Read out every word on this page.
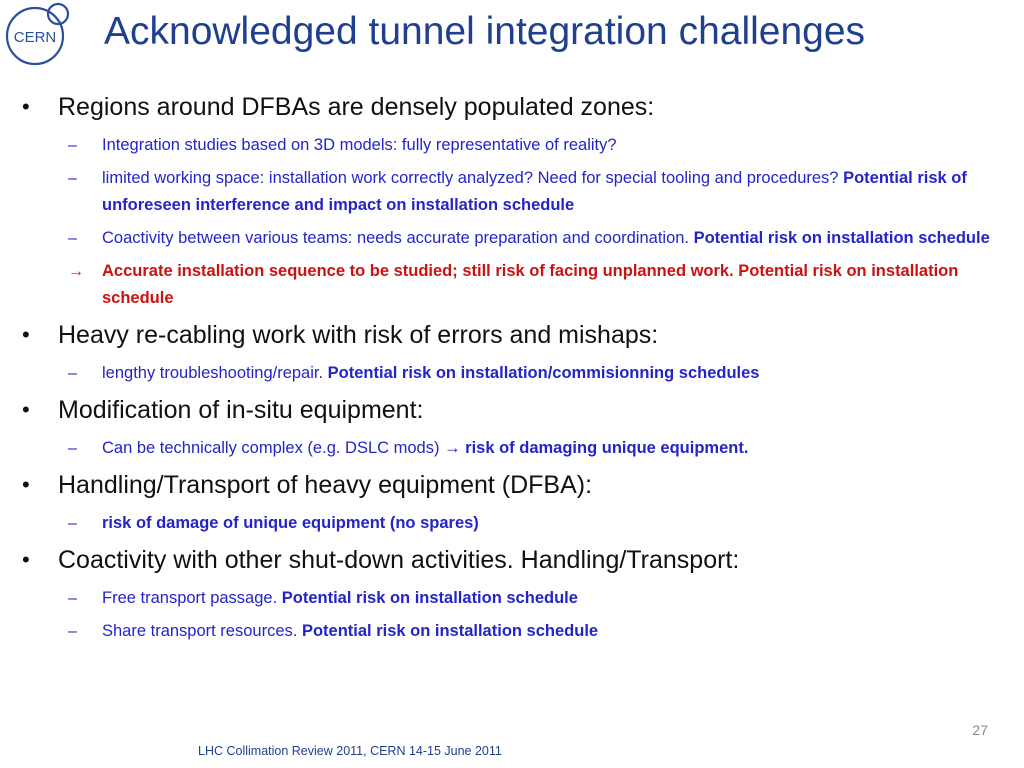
CERN Acknowledged tunnel integration challenges
•	Regions around DFBAs are densely populated zones:
– Integration studies based on 3D models: fully representative of reality?
– limited working space: installation work correctly analyzed? Need for special tooling and procedures? Potential risk of unforeseen interference and impact on installation schedule
– Coactivity between various teams: needs accurate preparation and coordination. Potential risk on installation schedule
→ Accurate installation sequence to be studied; still risk of facing unplanned work. Potential risk on installation schedule
•	Heavy re-cabling work with risk of errors and mishaps:
– lengthy troubleshooting/repair. Potential risk on installation/commisionning schedules
•	Modification of in-situ equipment:
– Can be technically complex (e.g. DSLC mods) → risk of damaging unique equipment.
•	Handling/Transport of heavy equipment (DFBA):
– risk of damage of unique equipment (no spares)
•	Coactivity with other shut-down activities. Handling/Transport:
– Free transport passage. Potential risk on installation schedule
– Share transport resources. Potential risk on installation schedule
27
LHC Collimation Review 2011, CERN 14-15 June 2011
